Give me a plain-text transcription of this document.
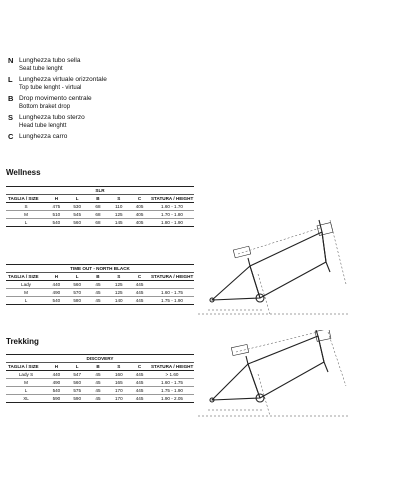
N Lunghezza tubo sella
Seat tube lenght
L Lunghezza virtuale orizzontale
Top tube lenght - virtual
B Drop movimento centrale
Bottom braket drop
S Lunghezza tubo sterzo
Head tube lenghtt
C Lunghezza carro
Wellness
SLR						
TAGLIA / SIZE	H	L	B	S	C	STATURA / HEIGHT
S	475	530	68	110	405	1.60 - 1.70
M	510	545	68	125	405	1.70 - 1.80
L	540	560	68	145	405	1.80 - 1.90
TIME OUT - NORTH BLACK						
TAGLIA / SIZE	H	L	B	S	C	STATURA / HEIGHT
Lady	440	560	45	125	445	
M	490	570	45	125	445	1.60 - 1.75
L	540	580	45	140	445	1.75 - 1.90
Trekking
DISCOVERY						
TAGLIA / SIZE	H	L	B	S	C	STATURA / HEIGHT
Lady S	440	547	45	160	445	> 1.60
M	490	560	45	165	445	1.60 - 1.75
L	540	575	45	170	445	1.75 - 1.90
XL	590	590	45	170	445	1.90 - 2.05
